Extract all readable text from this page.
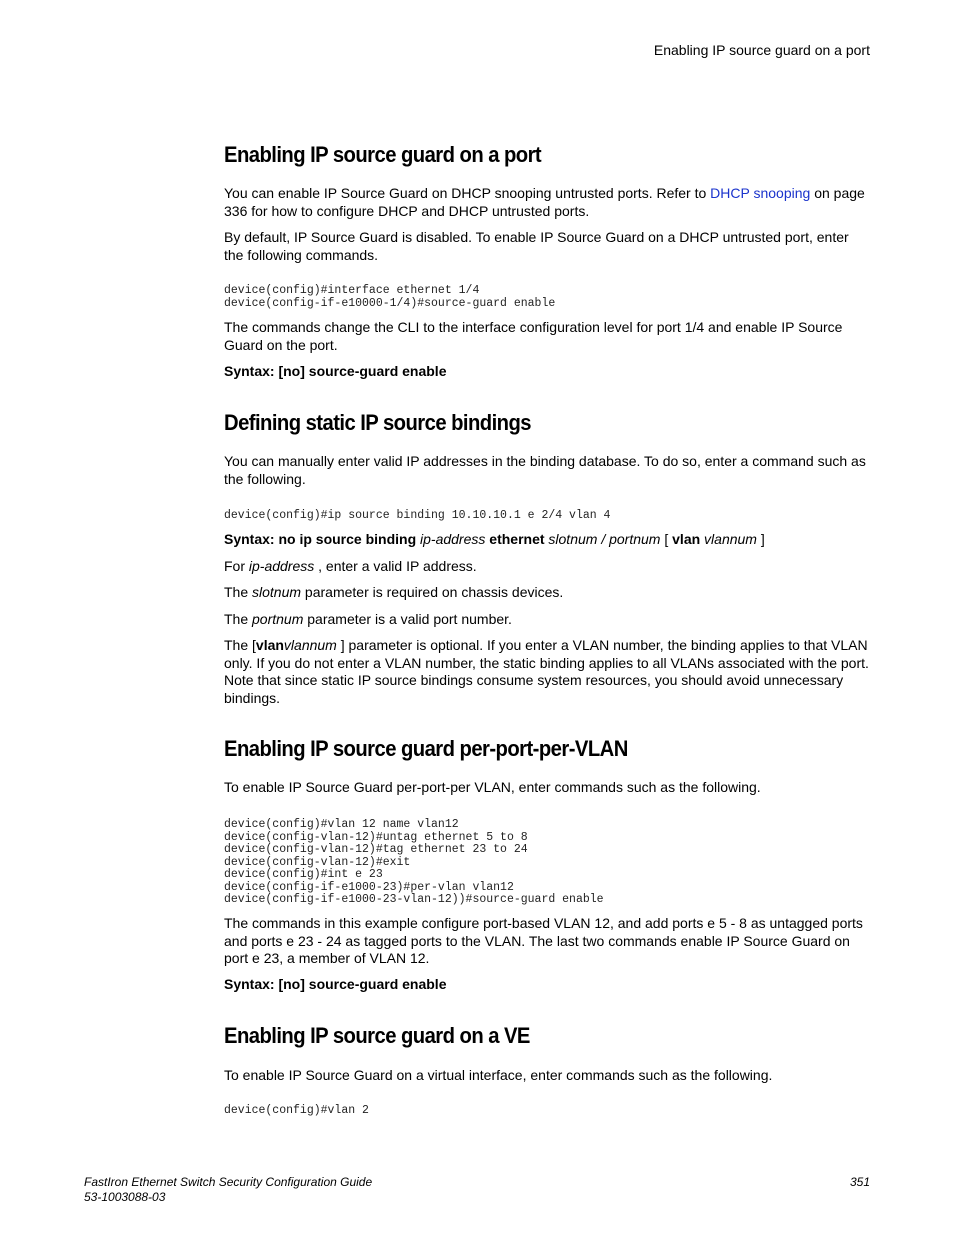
Enabling IP source guard on a port
Enabling IP source guard on a port

You can enable IP Source Guard on DHCP snooping untrusted ports. Refer to DHCP snooping on page 336 for how to configure DHCP and DHCP untrusted ports.

By default, IP Source Guard is disabled. To enable IP Source Guard on a DHCP untrusted port, enter the following commands.

device(config)#interface ethernet 1/4
device(config-if-e10000-1/4)#source-guard enable

The commands change the CLI to the interface configuration level for port 1/4 and enable IP Source Guard on the port.

Syntax: [no] source-guard enable

Defining static IP source bindings

You can manually enter valid IP addresses in the binding database. To do so, enter a command such as the following.

device(config)#ip source binding 10.10.10.1 e 2/4 vlan 4

Syntax: no ip source binding ip-address ethernet slotnum / portnum [ vlan vlannum ]

For ip-address , enter a valid IP address.

The slotnum parameter is required on chassis devices.

The portnum parameter is a valid port number.

The [vlanvlannum ] parameter is optional. If you enter a VLAN number, the binding applies to that VLAN only. If you do not enter a VLAN number, the static binding applies to all VLANs associated with the port. Note that since static IP source bindings consume system resources, you should avoid unnecessary bindings.

Enabling IP source guard per-port-per-VLAN

To enable IP Source Guard per-port-per VLAN, enter commands such as the following.

device(config)#vlan 12 name vlan12
device(config-vlan-12)#untag ethernet 5 to 8
device(config-vlan-12)#tag ethernet 23 to 24
device(config-vlan-12)#exit
device(config)#int e 23
device(config-if-e1000-23)#per-vlan vlan12
device(config-if-e1000-23-vlan-12))#source-guard enable

The commands in this example configure port-based VLAN 12, and add ports e 5 - 8 as untagged ports and ports e 23 - 24 as tagged ports to the VLAN. The last two commands enable IP Source Guard on port e 23, a member of VLAN 12.

Syntax: [no] source-guard enable

Enabling IP source guard on a VE

To enable IP Source Guard on a virtual interface, enter commands such as the following.

device(config)#vlan 2
FastIron Ethernet Switch Security Configuration Guide
53-1003088-03
351
